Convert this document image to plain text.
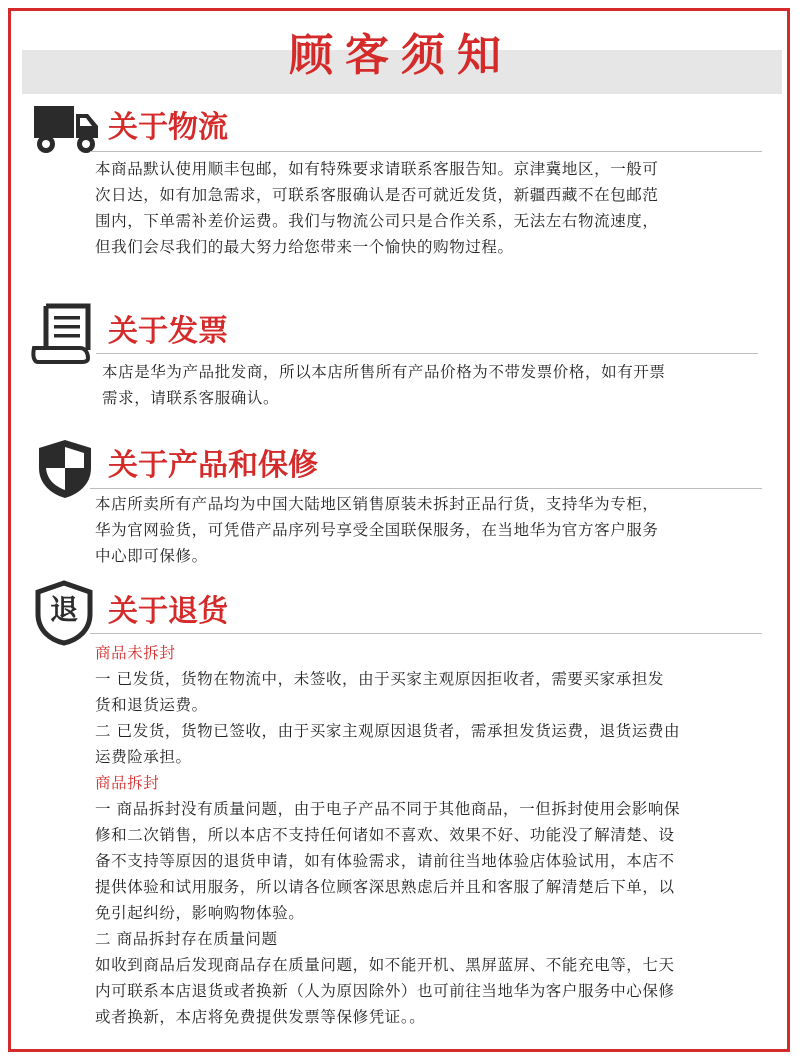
顾客须知
关于物流
本商品默认使用顺丰包邮，如有特殊要求请联系客服告知。京津冀地区，一般可
次日达，如有加急需求，可联系客服确认是否可就近发货，新疆西藏不在包邮范
围内，下单需补差价运费。我们与物流公司只是合作关系，无法左右物流速度，
但我们会尽我们的最大努力给您带来一个愉快的购物过程。
关于发票
本店是华为产品批发商，所以本店所售所有产品价格为不带发票价格，如有开票
需求，请联系客服确认。
关于产品和保修
本店所卖所有产品均为中国大陆地区销售原装未拆封正品行货，支持华为专柜，
华为官网验货，可凭借产品序列号享受全国联保服务，在当地华为官方客户服务
中心即可保修。
退	关于退货
商品未拆封
一 已发货，货物在物流中，未签收，由于买家主观原因拒收者，需要买家承担发
货和退货运费。
二 已发货，货物已签收，由于买家主观原因退货者，需承担发货运费，退货运费由
运费险承担。
商品拆封
一 商品拆封没有质量问题，由于电子产品不同于其他商品，一但拆封使用会影响保
修和二次销售，所以本店不支持任何诸如不喜欢、效果不好、功能没了解清楚、设
备不支持等原因的退货申请，如有体验需求，请前往当地体验店体验试用，本店不
提供体验和试用服务，所以请各位顾客深思熟虑后并且和客服了解清楚后下单，以
免引起纠纷，影响购物体验。
二 商品拆封存在质量问题
如收到商品后发现商品存在质量问题，如不能开机、黑屏蓝屏、不能充电等，七天
内可联系本店退货或者换新（人为原因除外）也可前往当地华为客户服务中心保修
或者换新，本店将免费提供发票等保修凭证。。
